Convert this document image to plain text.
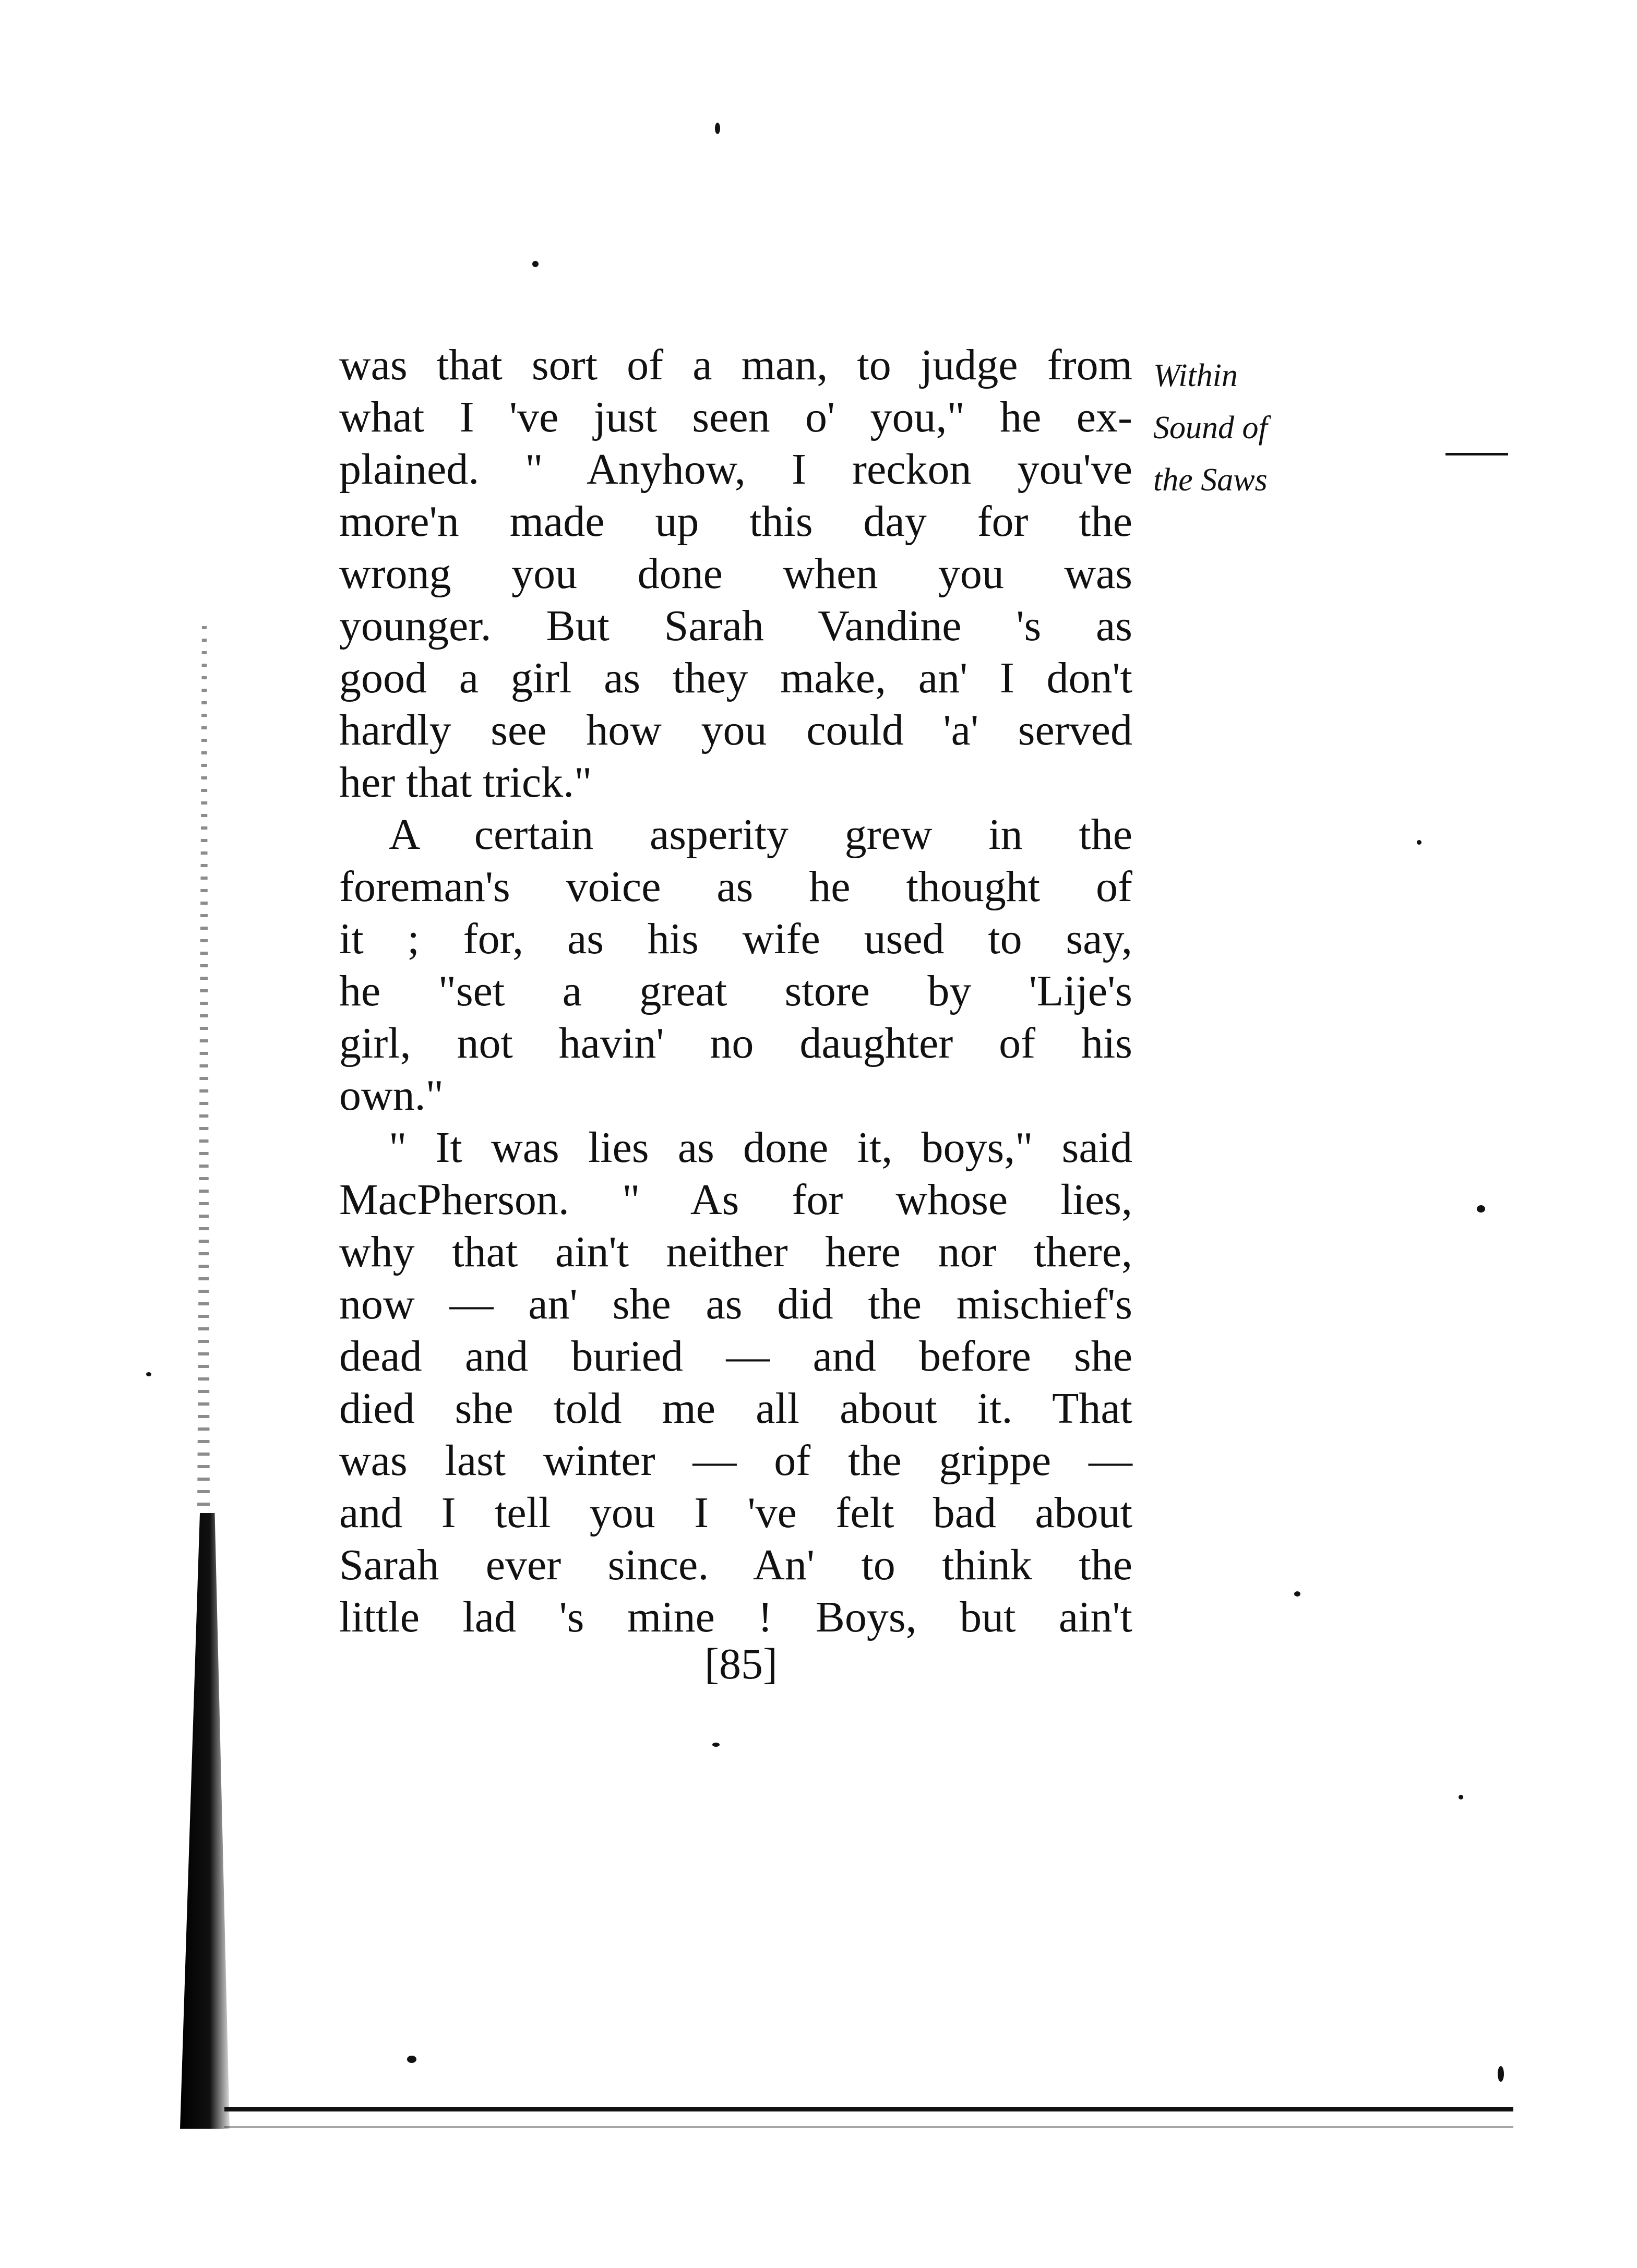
Within
Sound of
the Saws
was that sort of a man, to judge from
what I 've just seen o' you," he ex-
plained. " Anyhow, I reckon you've
more'n made up this day for the
wrong you done when you was
younger. But Sarah Vandine 's as
good a girl as they make, an' I don't
hardly see how you could 'a' served
her that trick."
A certain asperity grew in the
foreman's voice as he thought of
it ; for, as his wife used to say,
he "set a great store by 'Lije's
girl, not havin' no daughter of his
own."
" It was lies as done it, boys," said
MacPherson. " As for whose lies,
why that ain't neither here nor there,
now — an' she as did the mischief's
dead and buried — and before she
died she told me all about it. That
was last winter — of the grippe —
and I tell you I 've felt bad about
Sarah ever since. An' to think the
little lad 's mine ! Boys, but ain't
[85]
